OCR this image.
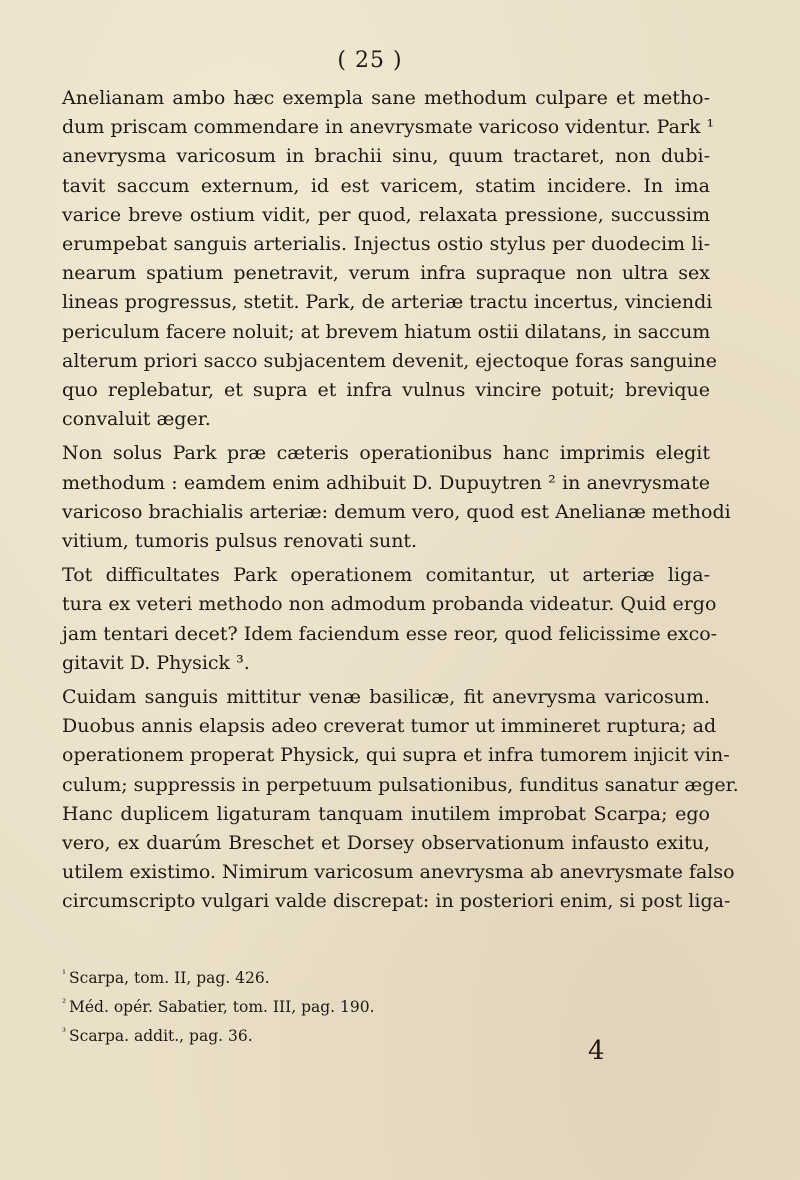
( 25 )

Anelianam ambo hæc exempla sane methodum culpare et metho-
dum priscam commendare in anevrysmate varicoso videntur. Park ¹
anevrysma varicosum in brachii sinu, quum tractaret, non dubi-
tavit saccum externum, id est varicem, statim incidere. In ima
varice breve ostium vidit, per quod, relaxata pressione, succussim
erumpebat sanguis arterialis. Injectus ostio stylus per duodecim li-
nearum spatium penetravit, verum infra supraque non ultra sex
lineas progressus, stetit. Park, de arteriæ tractu incertus, vinciendi
periculum facere noluit; at brevem hiatum ostii dilatans, in saccum
alterum priori sacco subjacentem devenit, ejectoque foras sanguine
quo replebatur, et supra et infra vulnus vincire potuit; brevique
convaluit æger.

Non solus Park præ cæteris operationibus hanc imprimis elegit
methodum : eamdem enim adhibuit D. Dupuytren ² in anevrysmate
varicoso brachialis arteriæ: demum vero, quod est Anelianæ methodi
vitium, tumoris pulsus renovati sunt.

Tot difficultates Park operationem comitantur, ut arteriæ liga-
tura ex veteri methodo non admodum probanda videatur. Quid ergo
jam tentari decet? Idem faciendum esse reor, quod felicissime exco-
gitavit D. Physick ³.

Cuidam sanguis mittitur venæ basilicæ, fit anevrysma varicosum.
Duobus annis elapsis adeo creverat tumor ut immineret ruptura; ad
operationem properat Physick, qui supra et infra tumorem injicit vin-
culum; suppressis in perpetuum pulsationibus, funditus sanatur æger.
Hanc duplicem ligaturam tanquam inutilem improbat Scarpa; ego
vero, ex duarúm Breschet et Dorsey observationum infausto exitu,
utilem existimo. Nimirum varicosum anevrysma ab anevrysmate falso
circumscripto vulgari valde discrepat: in posteriori enim, si post liga-

$^{^1}$ Scarpa, tom. II, pag. 426.
$^{^2}$ Méd. opér. Sabatier, tom. III, pag. 190.
$^{^3}$ Scarpa. addit., pag. 36.	4
